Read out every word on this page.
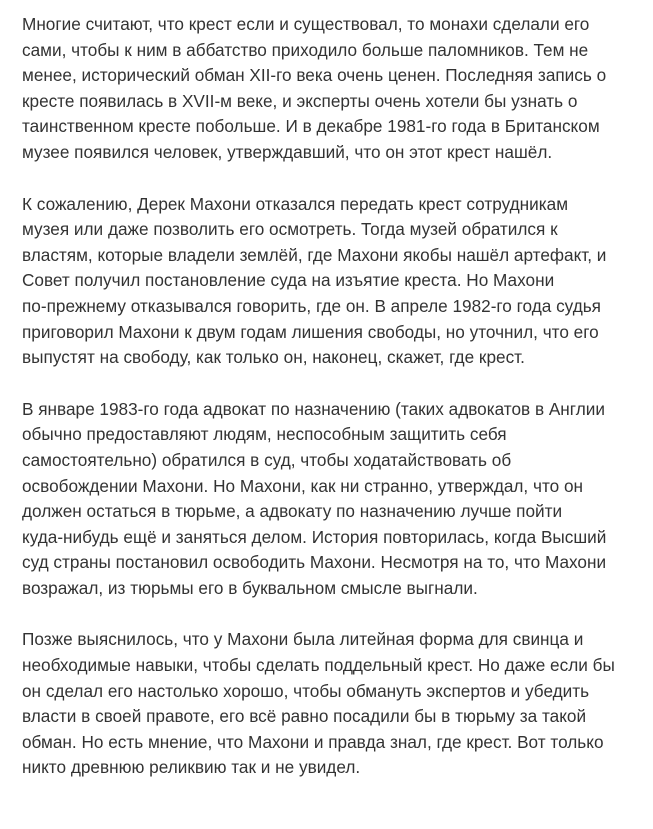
Многие считают, что крест если и существовал, то монахи сделали его
сами, чтобы к ним в аббатство приходило больше паломников. Тем не
менее, исторический обман XII-го века очень ценен. Последняя запись о
кресте появилась в XVII-м веке, и эксперты очень хотели бы узнать о
таинственном кресте побольше. И в декабре 1981-го года в Британском
музее появился человек, утверждавший, что он этот крест нашёл.
К сожалению, Дерек Махони отказался передать крест сотрудникам
музея или даже позволить его осмотреть. Тогда музей обратился к
властям, которые владели землёй, где Махони якобы нашёл артефакт, и
Совет получил постановление суда на изъятие креста. Но Махони
по-прежнему отказывался говорить, где он. В апреле 1982-го года судья
приговорил Махони к двум годам лишения свободы, но уточнил, что его
выпустят на свободу, как только он, наконец, скажет, где крест.
В январе 1983-го года адвокат по назначению (таких адвокатов в Англии
обычно предоставляют людям, неспособным защитить себя
самостоятельно) обратился в суд, чтобы ходатайствовать об
освобождении Махони. Но Махони, как ни странно, утверждал, что он
должен остаться в тюрьме, а адвокату по назначению лучше пойти
куда-нибудь ещё и заняться делом. История повторилась, когда Высший
суд страны постановил освободить Махони. Несмотря на то, что Махони
возражал, из тюрьмы его в буквальном смысле выгнали.
Позже выяснилось, что у Махони была литейная форма для свинца и
необходимые навыки, чтобы сделать поддельный крест. Но даже если бы
он сделал его настолько хорошо, чтобы обмануть экспертов и убедить
власти в своей правоте, его всё равно посадили бы в тюрьму за такой
обман. Но есть мнение, что Махони и правда знал, где крест. Вот только
никто древнюю реликвию так и не увидел.
